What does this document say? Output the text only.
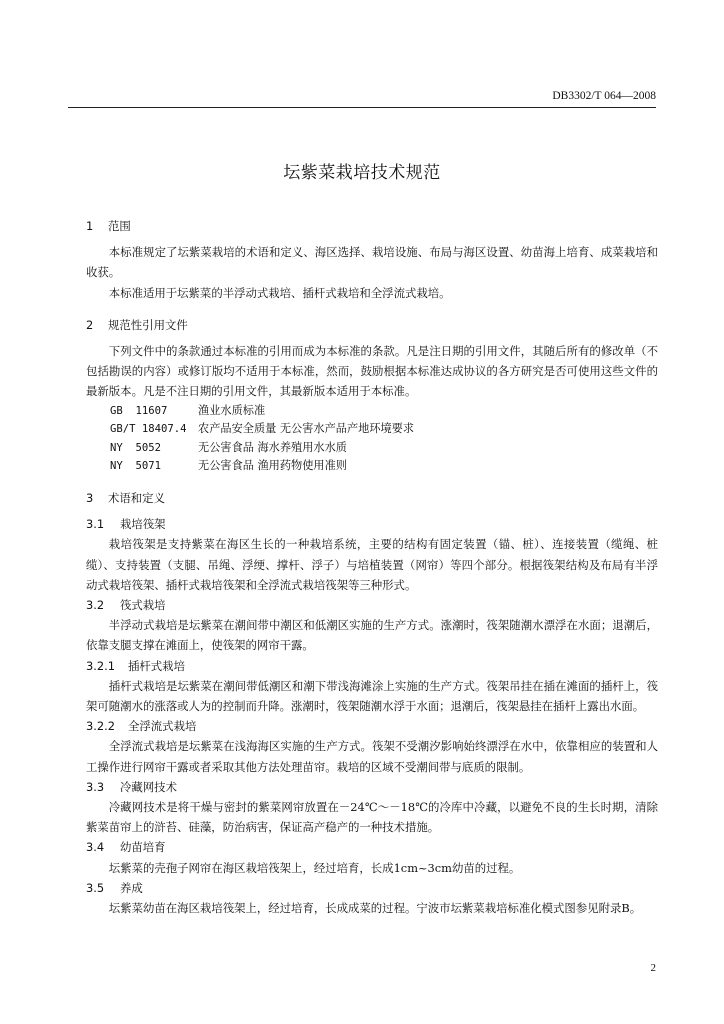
DB3302/T 064—2008
坛紫菜栽培技术规范
1 范围

本标准规定了坛紫菜栽培的术语和定义、海区选择、栽培设施、布局与海区设置、幼苗海上培育、成菜栽培和收获。

本标准适用于坛紫菜的半浮动式栽培、插杆式栽培和全浮流式栽培。

2 规范性引用文件

下列文件中的条款通过本标准的引用而成为本标准的条款。凡是注日期的引用文件，其随后所有的修改单（不包括勘误的内容）或修订版均不适用于本标准，然而，鼓励根据本标准达成协议的各方研究是否可使用这些文件的最新版本。凡是不注日期的引用文件，其最新版本适用于本标准。

GB  11607	渔业水质标准
GB/T 18407.4	农产品安全质量 无公害水产品产地环境要求
NY  5052	无公害食品 海水养殖用水水质
NY  5071	无公害食品 渔用药物使用准则
3 术语和定义
3.1 栽培筏架

栽培筏架是支持紫菜在海区生长的一种栽培系统，主要的结构有固定装置（锚、桩）、连接装置（缆绳、桩缆）、支持装置（支腿、吊绳、浮绠、撑杆、浮子）与培植装置（网帘）等四个部分。根据筏架结构及布局有半浮动式栽培筏架、插杆式栽培筏架和全浮流式栽培筏架等三种形式。

3.2 筏式栽培

半浮动式栽培是坛紫菜在潮间带中潮区和低潮区实施的生产方式。涨潮时，筏架随潮水漂浮在水面；退潮后，依靠支腿支撑在滩面上，使筏架的网帘干露。

3.2.1 插杆式栽培

插杆式栽培是坛紫菜在潮间带低潮区和潮下带浅海滩涂上实施的生产方式。筏架吊挂在插在滩面的插杆上，筏架可随潮水的涨落或人为的控制而升降。涨潮时，筏架随潮水浮于水面；退潮后，筏架悬挂在插杆上露出水面。

3.2.2 全浮流式栽培

全浮流式栽培是坛紫菜在浅海海区实施的生产方式。筏架不受潮汐影响始终漂浮在水中，依靠相应的装置和人工操作进行网帘干露或者采取其他方法处理苗帘。栽培的区域不受潮间带与底质的限制。

3.3 冷藏网技术

冷藏网技术是将干燥与密封的紫菜网帘放置在－24℃～－18℃的冷库中冷藏，以避免不良的生长时期，清除紫菜苗帘上的浒苔、硅藻，防治病害，保证高产稳产的一种技术措施。

3.4 幼苗培育

坛紫菜的壳孢子网帘在海区栽培筏架上，经过培育，长成1cm~3cm幼苗的过程。

3.5 养成

坛紫菜幼苗在海区栽培筏架上，经过培育，长成成菜的过程。宁波市坛紫菜栽培标准化模式图参见附录B。

2
